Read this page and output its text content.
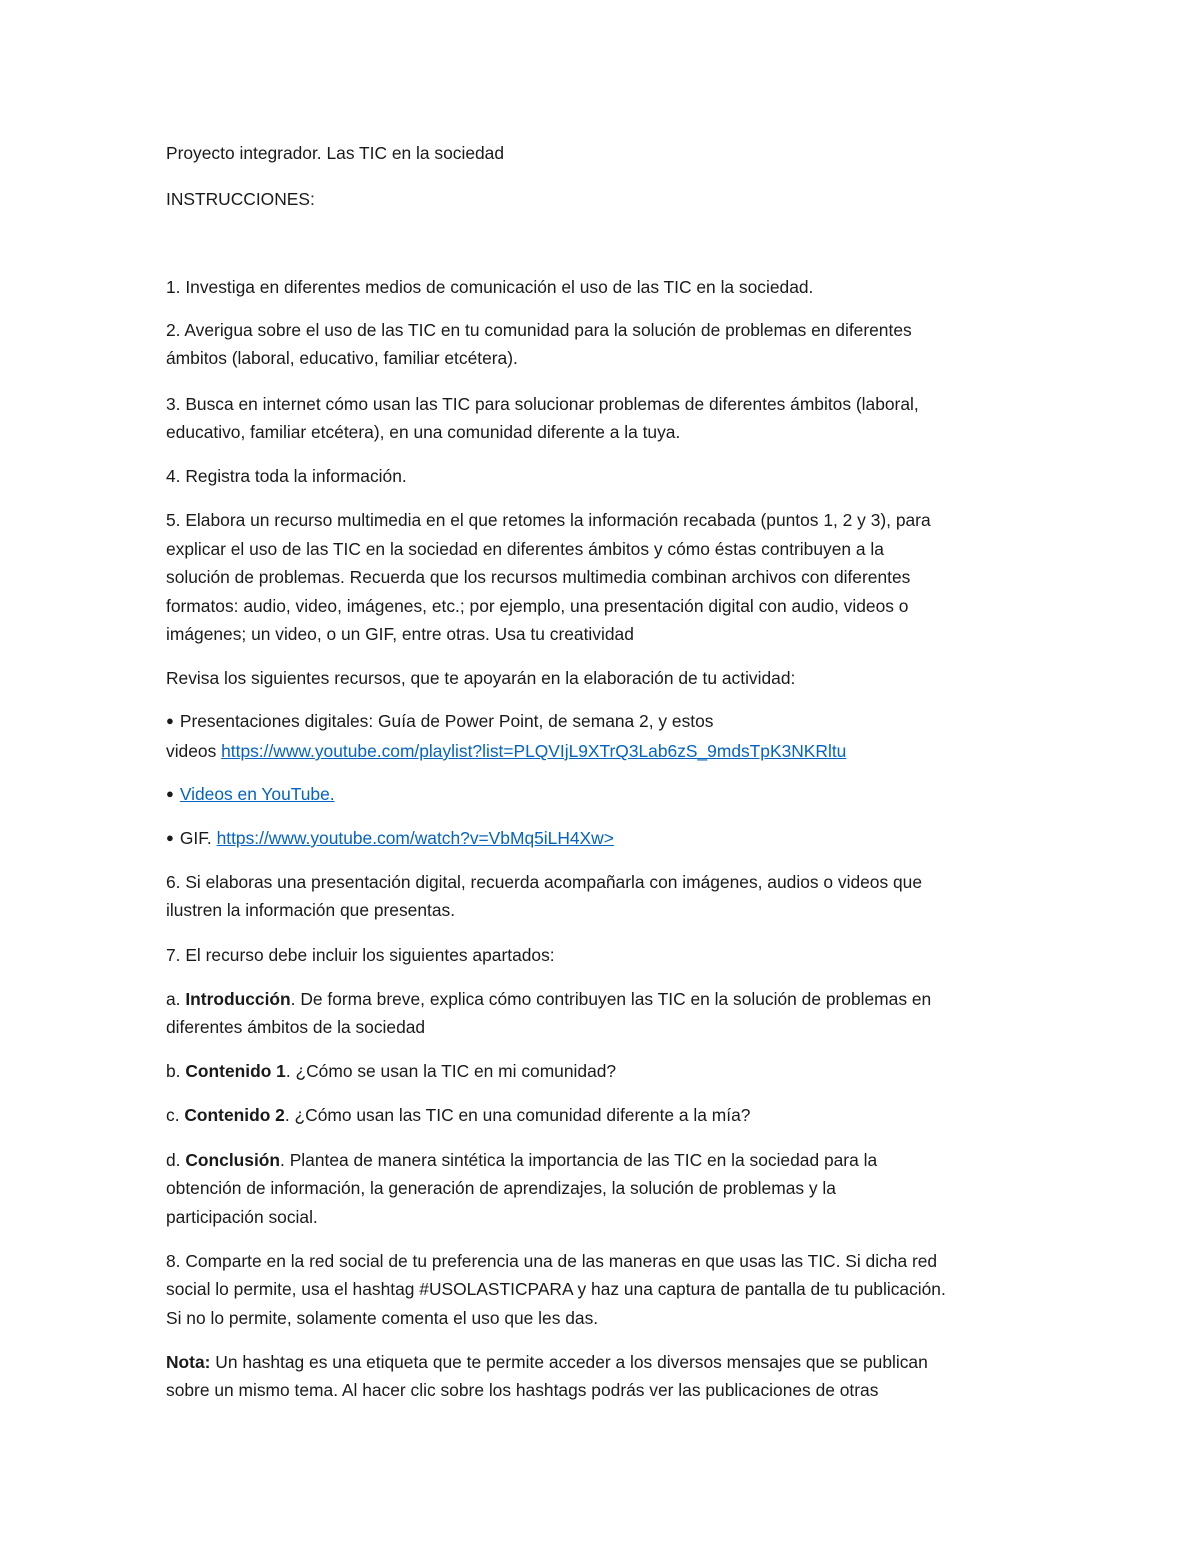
Proyecto integrador. Las TIC en la sociedad
INSTRUCCIONES:
1. Investiga en diferentes medios de comunicación el uso de las TIC en la sociedad.
2. Averigua sobre el uso de las TIC en tu comunidad para la solución de problemas en diferentes
ámbitos (laboral, educativo, familiar etcétera).
3. Busca en internet cómo usan las TIC para solucionar problemas de diferentes ámbitos (laboral,
educativo, familiar etcétera), en una comunidad diferente a la tuya.
4. Registra toda la información.
5. Elabora un recurso multimedia en el que retomes la información recabada (puntos 1, 2 y 3), para
explicar el uso de las TIC en la sociedad en diferentes ámbitos y cómo éstas contribuyen a la
solución de problemas. Recuerda que los recursos multimedia combinan archivos con diferentes
formatos: audio, video, imágenes, etc.; por ejemplo, una presentación digital con audio, videos o
imágenes; un video, o un GIF, entre otras. Usa tu creatividad
Revisa los siguientes recursos, que te apoyarán en la elaboración de tu actividad:
● Presentaciones digitales: Guía de Power Point, de semana 2, y estos
videos https://www.youtube.com/playlist?list=PLQVIjL9XTrQ3Lab6zS_9mdsTpK3NKRltu
● Videos en YouTube.
● GIF. https://www.youtube.com/watch?v=VbMq5iLH4Xw>
6. Si elaboras una presentación digital, recuerda acompañarla con imágenes, audios o videos que
ilustren la información que presentas.
7. El recurso debe incluir los siguientes apartados:
a. Introducción. De forma breve, explica cómo contribuyen las TIC en la solución de problemas en
diferentes ámbitos de la sociedad
b. Contenido 1. ¿Cómo se usan la TIC en mi comunidad?
c. Contenido 2. ¿Cómo usan las TIC en una comunidad diferente a la mía?
d. Conclusión. Plantea de manera sintética la importancia de las TIC en la sociedad para la
obtención de información, la generación de aprendizajes, la solución de problemas y la
participación social.
8. Comparte en la red social de tu preferencia una de las maneras en que usas las TIC. Si dicha red
social lo permite, usa el hashtag #USOLASTICPARA y haz una captura de pantalla de tu publicación.
Si no lo permite, solamente comenta el uso que les das.
Nota: Un hashtag es una etiqueta que te permite acceder a los diversos mensajes que se publican
sobre un mismo tema. Al hacer clic sobre los hashtags podrás ver las publicaciones de otras
